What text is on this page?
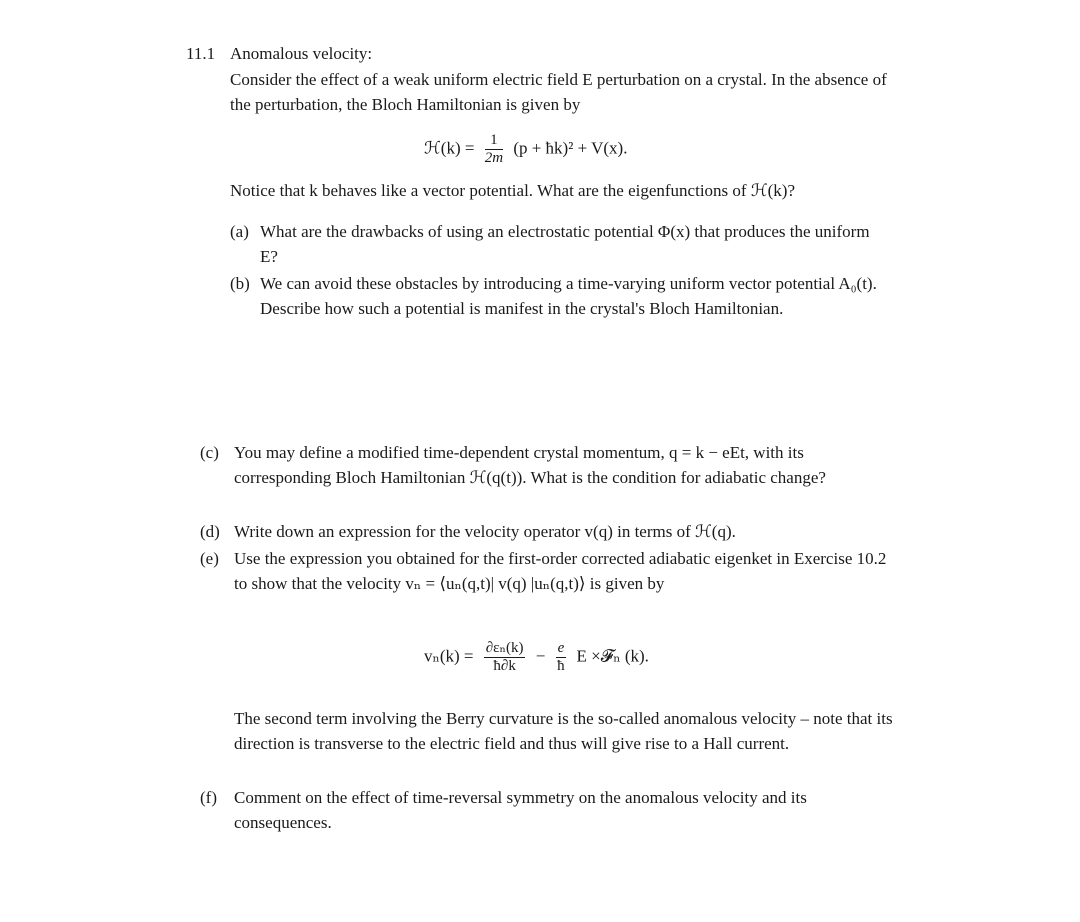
11.1 Anomalous velocity:

Consider the effect of a weak uniform electric field E perturbation on a crystal. In the absence of the perturbation, the Bloch Hamiltonian is given by

ℋ(k) = $\frac{1}{2m} (p$ + ħk)² + V(x).

Notice that k behaves like a vector potential. What are the eigenfunctions of ℋ(k)?

(a) What are the drawbacks of using an electrostatic potential Φ(x) that produces the uniform E?

(b) We can avoid these obstacles by introducing a time-varying uniform vector potential A₀(t). Describe how such a potential is manifest in the crystal's Bloch Hamiltonian.

(c) You may define a modified time-dependent crystal momentum, q = k − eEt, with its corresponding Bloch Hamiltonian ℋ(q(t)). What is the condition for adiabatic change?

(d) Write down an expression for the velocity operator v(q) in terms of ℋ(q).

(e) Use the expression you obtained for the first-order corrected adiabatic eigenket in Exercise 10.2 to show that the velocity vₙ = ⟨uₙ(q,t)| v(q) |uₙ(q,t)⟩ is given by

$v_n(k) = \frac{\text{∂εₙ(k)}}{ħ\partial k} - \frac{e}{ħ}$ E ×𝓕ₙ (k).

The second term involving the Berry curvature is the so-called anomalous velocity – note that its direction is transverse to the electric field and thus will give rise to a Hall current.

(f) Comment on the effect of time-reversal symmetry on the anomalous velocity and its consequences.
